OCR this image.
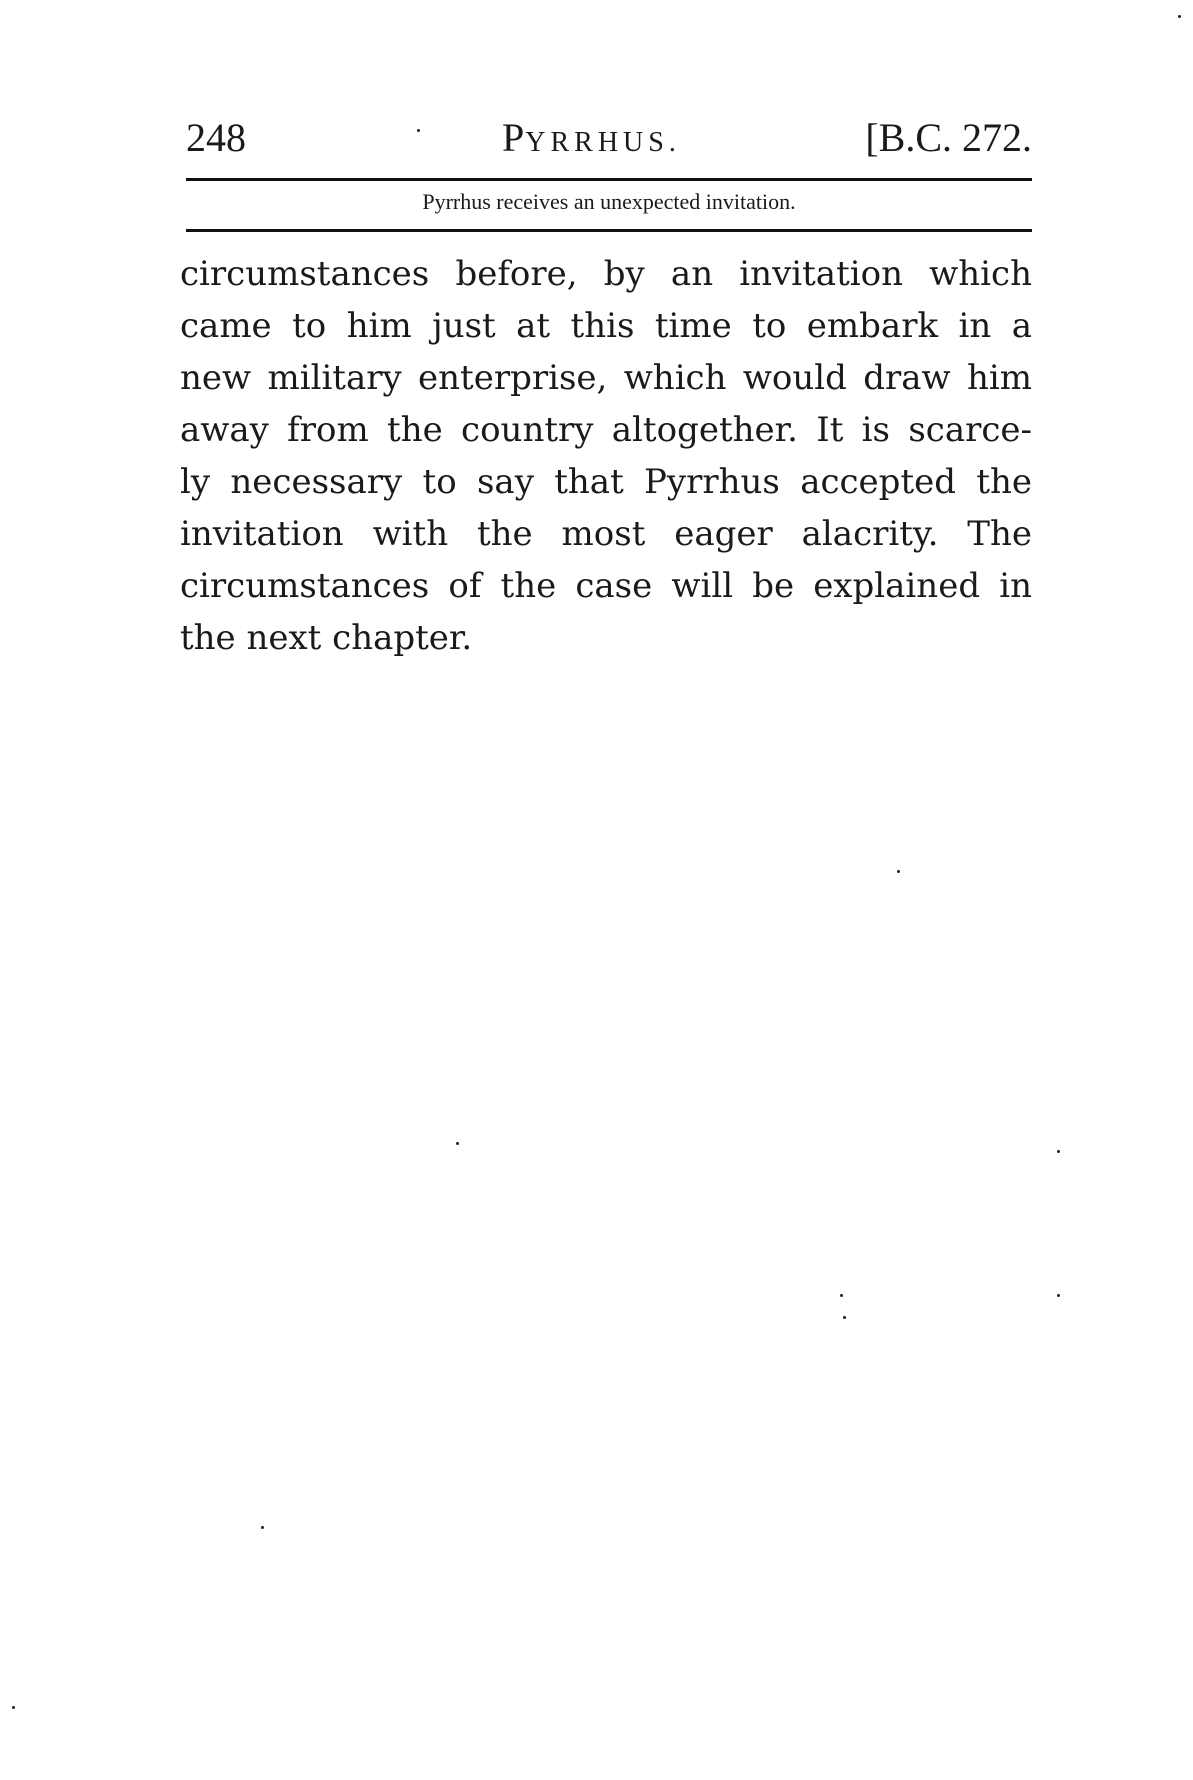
248	PYRRHUS.	[B.C. 272.
Pyrrhus receives an unexpected invitation.
circumstances before, by an invitation which
came to him just at this time to embark in a
new military enterprise, which would draw him
away from the country altogether. It is scarce-
ly necessary to say that Pyrrhus accepted the
invitation with the most eager alacrity. The
circumstances of the case will be explained in
the next chapter.
